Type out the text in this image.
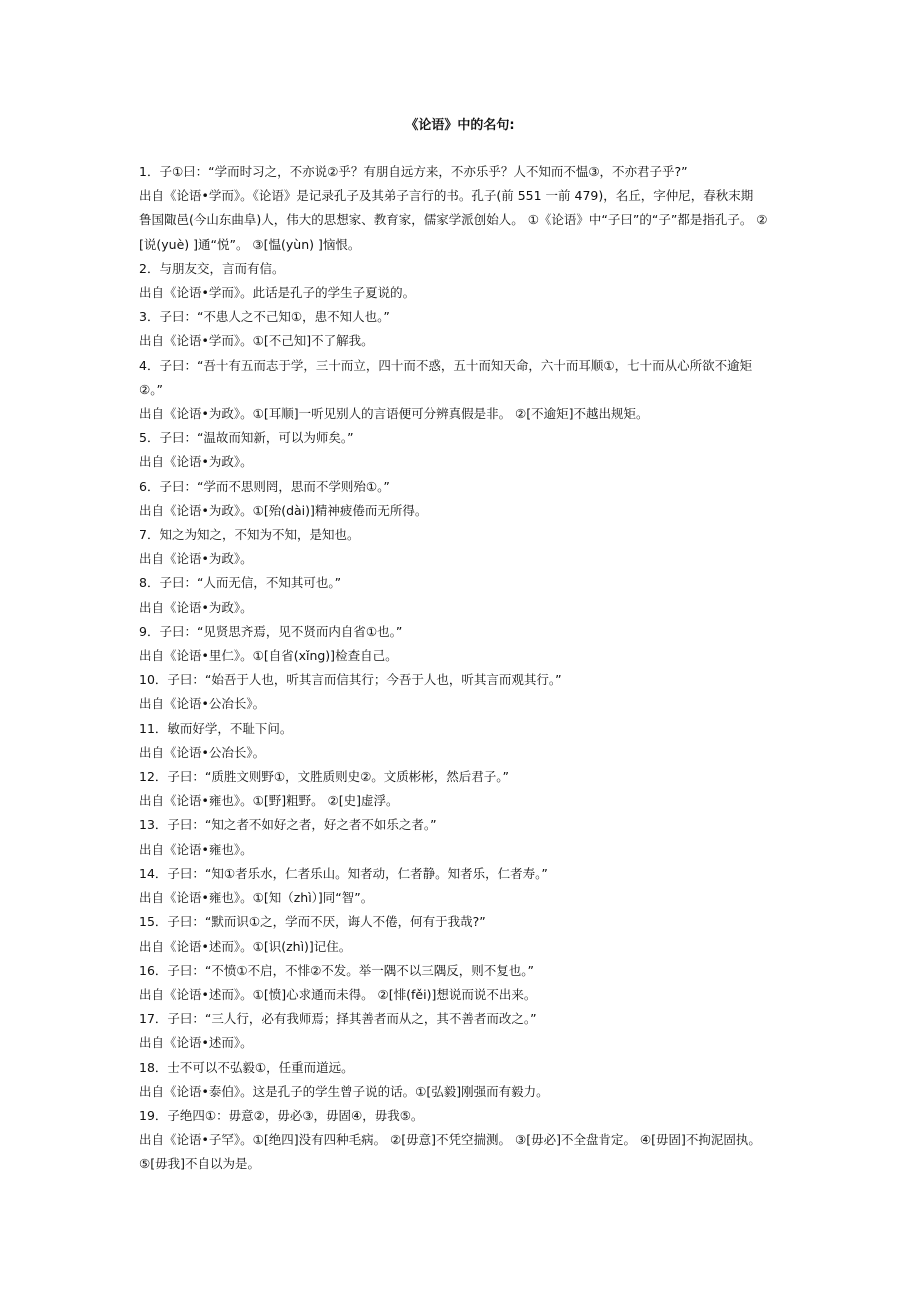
《论语》中的名句:

1．子①曰：“学而时习之，不亦说②乎？有朋自远方来，不亦乐乎？人不知而不愠③，不亦君子乎?”

出自《论语•学而》。《论语》是记录孔子及其弟子言行的书。孔子(前 551 一前 479)，名丘，字仲尼，春秋末期

鲁国陬邑(今山东曲阜)人，伟大的思想家、教育家，儒家学派创始人。 ①《论语》中“子曰”的“子”都是指孔子。 ②

[说(yuè) ]通“悦”。 ③[愠(yùn) ]恼恨。

2．与朋友交，言而有信。

出自《论语•学而》。此话是孔子的学生子夏说的。

3．子曰：“不患人之不己知①，患不知人也。”

出自《论语•学而》。①[不己知]不了解我。

4．子曰：“吾十有五而志于学，三十而立，四十而不惑，五十而知天命，六十而耳顺①，七十而从心所欲不逾矩

②。”

出自《论语•为政》。①[耳顺]一听见别人的言语便可分辨真假是非。 ②[不逾矩]不越出规矩。

5．子曰：“温故而知新，可以为师矣。”

出自《论语•为政》。

6．子曰：“学而不思则罔，思而不学则殆①。”

出自《论语•为政》。①[殆(dài)]精神疲倦而无所得。

7．知之为知之，不知为不知，是知也。

出自《论语•为政》。

8．子曰：“人而无信，不知其可也。”

出自《论语•为政》。

9．子曰：“见贤思齐焉，见不贤而内自省①也。”

出自《论语•里仁》。①[自省(xǐng)]检查自己。

10．子曰：“始吾于人也，听其言而信其行；今吾于人也，听其言而观其行。”

出自《论语•公冶长》。

11．敏而好学，不耻下问。

出自《论语•公冶长》。

12．子曰：“质胜文则野①，文胜质则史②。文质彬彬，然后君子。”

出自《论语•雍也》。①[野]粗野。 ②[史]虚浮。

13．子曰：“知之者不如好之者，好之者不如乐之者。”

出自《论语•雍也》。

14．子曰：“知①者乐水，仁者乐山。知者动，仁者静。知者乐，仁者寿。”

出自《论语•雍也》。①[知（zhì）]同“智”。

15．子曰：“默而识①之，学而不厌，诲人不倦，何有于我哉?”

出自《论语•述而》。①[识(zhì)]记住。

16．子曰：“不愤①不启，不悱②不发。举一隅不以三隅反，则不复也。”

出自《论语•述而》。①[愤]心求通而未得。 ②[悱(fěi)]想说而说不出来。

17．子曰：“三人行，必有我师焉；择其善者而从之，其不善者而改之。”

出自《论语•述而》。

18．士不可以不弘毅①，任重而道远。

出自《论语•泰伯》。这是孔子的学生曾子说的话。①[弘毅]刚强而有毅力。

19．子绝四①：毋意②，毋必③，毋固④，毋我⑤。

出自《论语•子罕》。①[绝四]没有四种毛病。 ②[毋意]不凭空揣测。 ③[毋必]不全盘肯定。 ④[毋固]不拘泥固执。

⑤[毋我]不自以为是。
